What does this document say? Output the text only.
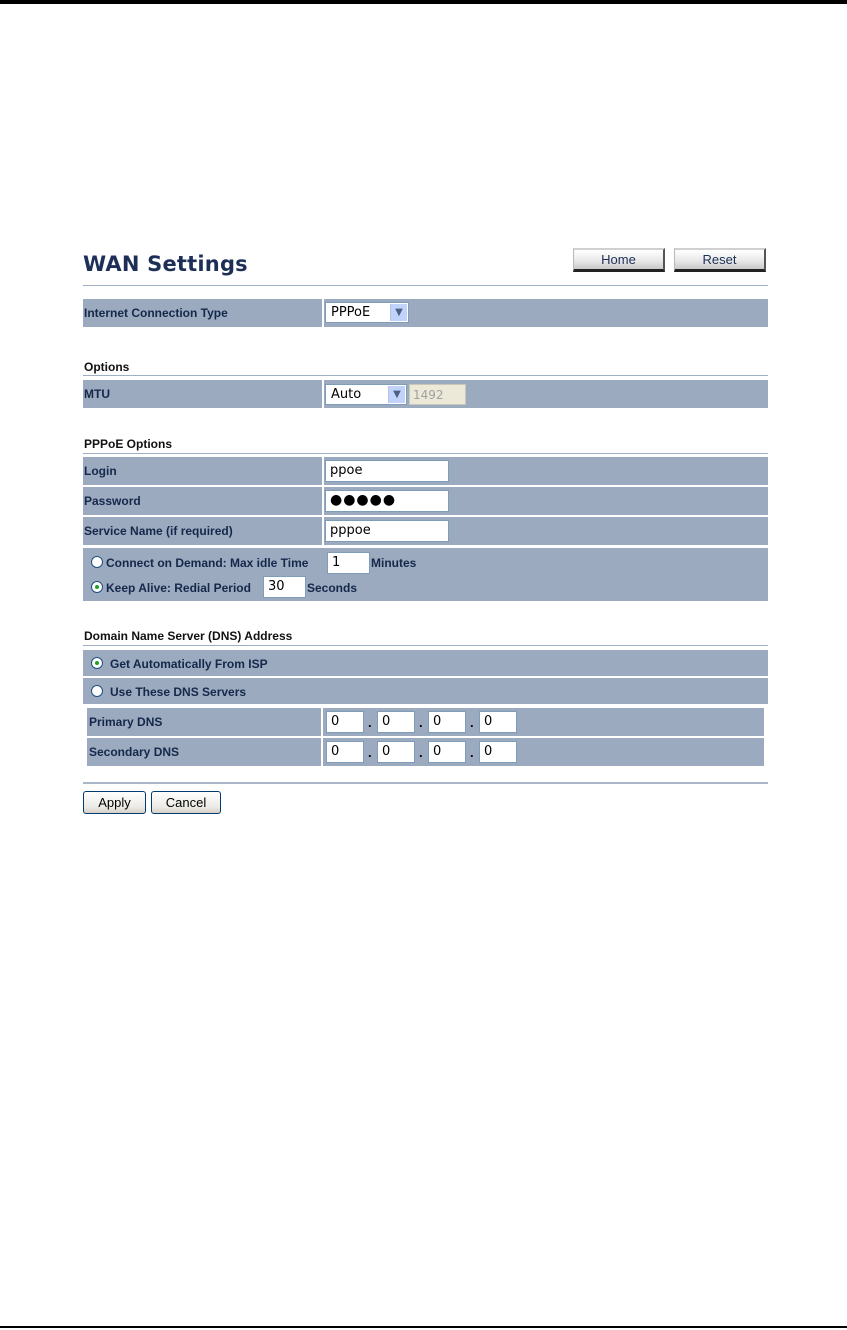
WAN Settings	Home	Reset
Internet Connection Type	PPPoE	▼
Options
MTU	Auto	▼	1492
PPPoE Options
Login	ppoe
Password	●●●●●
Service Name (if required)	pppoe
Connect on Demand: Max idle Time	1	Minutes
Keep Alive: Redial Period	30	Seconds
Domain Name Server (DNS) Address
Get Automatically From ISP
Use These DNS Servers
Primary DNS	0	. 0	. 0	. 0
Secondary DNS	0	. 0	. 0	. 0
Apply	Cancel
